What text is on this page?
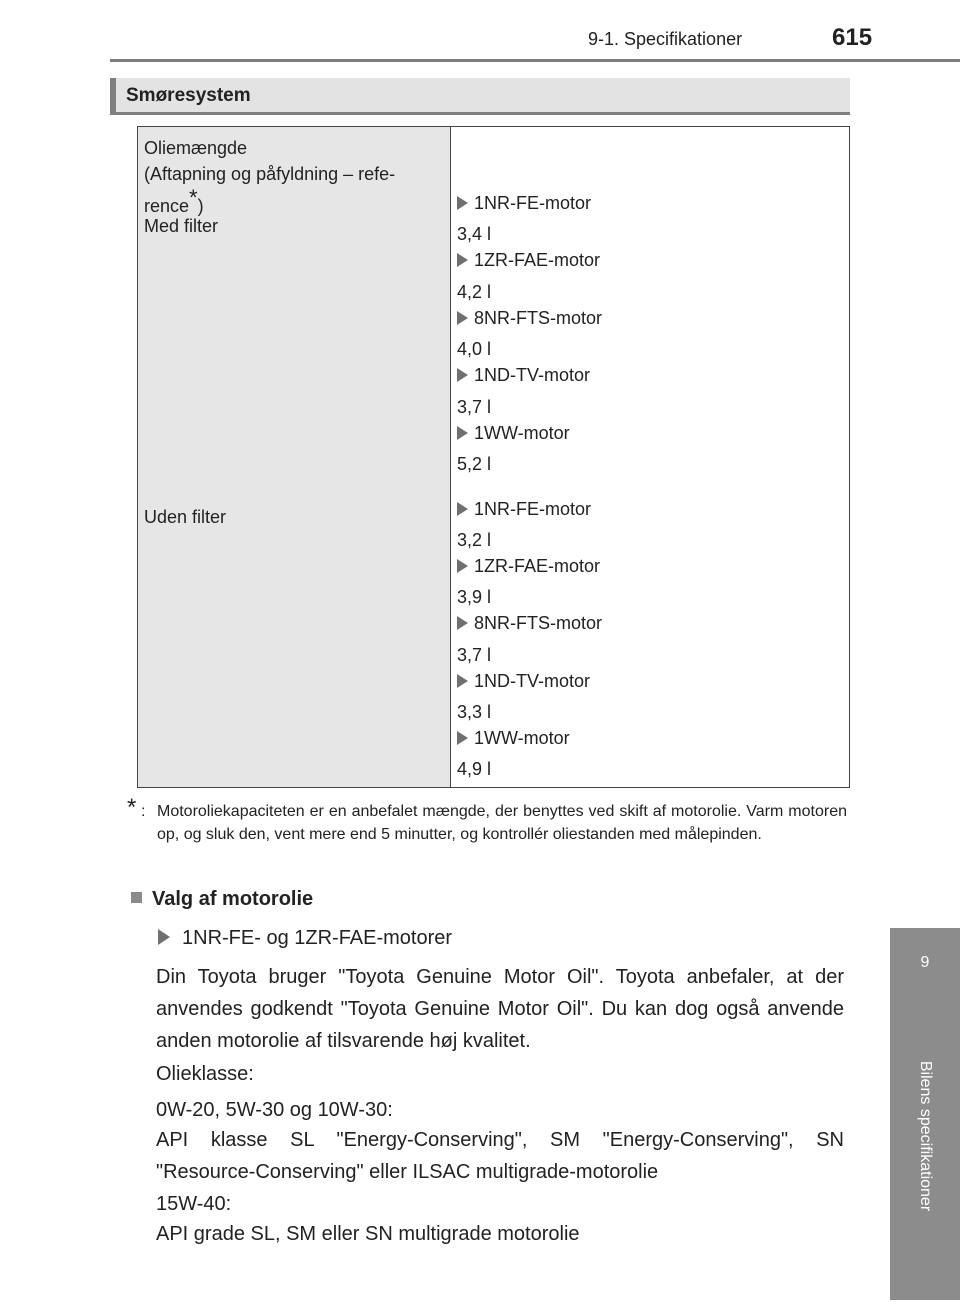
9-1. Specifikationer	615
9
Bilens specifikationer
Smøresystem
Oliemængde
(Aftapning og påfyldning – refe-
rence*)
Med filter
Uden filter
1NR-FE-motor
3,4 l
1ZR-FAE-motor
4,2 l
8NR-FTS-motor
4,0 l
1ND-TV-motor
3,7 l
1WW-motor
5,2 l
1NR-FE-motor
3,2 l
1ZR-FAE-motor
3,9 l
8NR-FTS-motor
3,7 l
1ND-TV-motor
3,3 l
1WW-motor
4,9 l
* : Motoroliekapaciteten er en anbefalet mængde, der benyttes ved skift af motorolie. Varm motoren op, og sluk den, vent mere end 5 minutter, og kontrollér oliestanden med målepinden.
Valg af motorolie
1NR-FE- og 1ZR-FAE-motorer
Din Toyota bruger "Toyota Genuine Motor Oil". Toyota anbefaler, at der anvendes godkendt "Toyota Genuine Motor Oil". Du kan dog også anvende anden motorolie af tilsvarende høj kvalitet.
Olieklasse:
0W-20, 5W-30 og 10W-30:
API klasse SL "Energy-Conserving", SM "Energy-Conserving", SN "Resource-Conserving" eller ILSAC multigrade-motorolie
15W-40:
API grade SL, SM eller SN multigrade motorolie
